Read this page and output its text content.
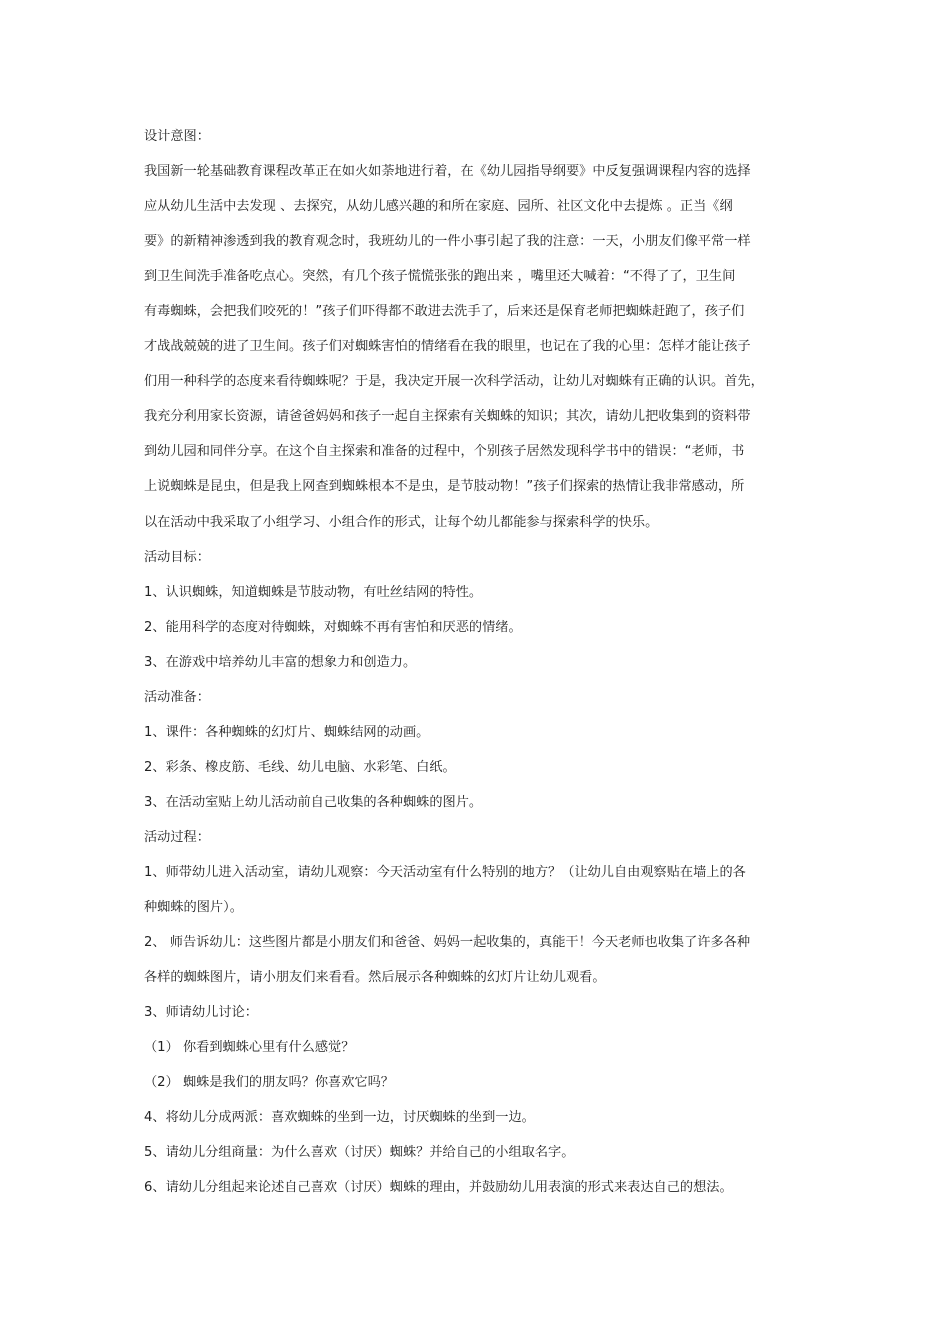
设计意图：
我国新一轮基础教育课程改革正在如火如荼地进行着，在《幼儿园指导纲要》中反复强调课程内容的选择
应从幼儿生活中去发现 、去探究，从幼儿感兴趣的和所在家庭、园所、社区文化中去提炼 。正当《纲
要》的新精神渗透到我的教育观念时，我班幼儿的一件小事引起了我的注意：一天，小朋友们像平常一样
到卫生间洗手准备吃点心。突然，有几个孩子慌慌张张的跑出来 ，嘴里还大喊着：“不得了了，卫生间
有毒蜘蛛，会把我们咬死的！”孩子们吓得都不敢进去洗手了，后来还是保育老师把蜘蛛赶跑了，孩子们
才战战兢兢的进了卫生间。孩子们对蜘蛛害怕的情绪看在我的眼里，也记在了我的心里：怎样才能让孩子
们用一种科学的态度来看待蜘蛛呢？于是，我决定开展一次科学活动，让幼儿对蜘蛛有正确的认识。首先，
我充分利用家长资源，请爸爸妈妈和孩子一起自主探索有关蜘蛛的知识；其次，请幼儿把收集到的资料带
到幼儿园和同伴分享。在这个自主探索和准备的过程中，个别孩子居然发现科学书中的错误：“老师，书
上说蜘蛛是昆虫，但是我上网查到蜘蛛根本不是虫，是节肢动物！”孩子们探索的热情让我非常感动，所
以在活动中我采取了小组学习、小组合作的形式，让每个幼儿都能参与探索科学的快乐。
活动目标：
1、认识蜘蛛，知道蜘蛛是节肢动物，有吐丝结网的特性。
2、能用科学的态度对待蜘蛛，对蜘蛛不再有害怕和厌恶的情绪。
3、在游戏中培养幼儿丰富的想象力和创造力。
活动准备：
1、课件：各种蜘蛛的幻灯片、蜘蛛结网的动画。
2、彩条、橡皮筋、毛线、幼儿电脑、水彩笔、白纸。
3、在活动室贴上幼儿活动前自己收集的各种蜘蛛的图片。
活动过程：
1、师带幼儿进入活动室，请幼儿观察：今天活动室有什么特别的地方？（让幼儿自由观察贴在墙上的各
种蜘蛛的图片）。
2、 师告诉幼儿：这些图片都是小朋友们和爸爸、妈妈一起收集的，真能干！今天老师也收集了许多各种
各样的蜘蛛图片，请小朋友们来看看。然后展示各种蜘蛛的幻灯片让幼儿观看。
3、师请幼儿讨论：
（1） 你看到蜘蛛心里有什么感觉？
（2） 蜘蛛是我们的朋友吗？你喜欢它吗？
4、将幼儿分成两派：喜欢蜘蛛的坐到一边，讨厌蜘蛛的坐到一边。
5、请幼儿分组商量：为什么喜欢（讨厌）蜘蛛？并给自己的小组取名字。
6、请幼儿分组起来论述自己喜欢（讨厌）蜘蛛的理由，并鼓励幼儿用表演的形式来表达自己的想法。
